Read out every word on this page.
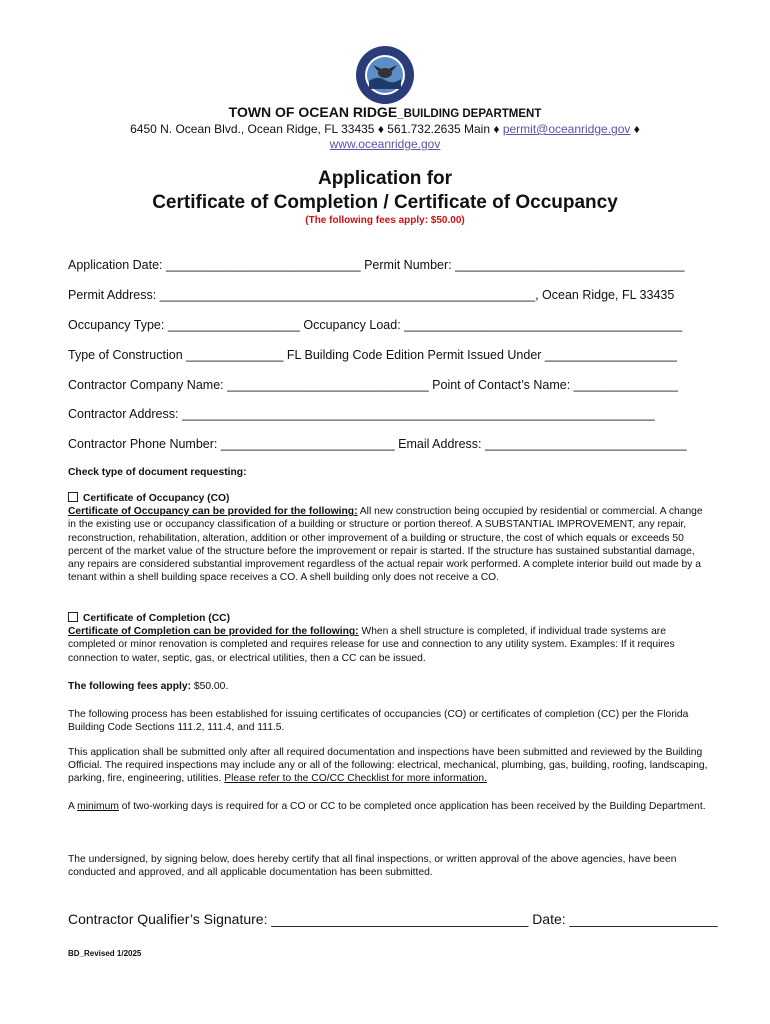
TOWN OF OCEAN RIDGE_BUILDING DEPARTMENT
6450 N. Ocean Blvd., Ocean Ridge, FL 33435 ♦ 561.732.2635 Main ♦ permit@oceanridge.gov ♦
www.oceanridge.gov
Application for
Certificate of Completion / Certificate of Occupancy
(The following fees apply: $50.00)
Application Date: ____________________________ Permit Number: _________________________________
Permit Address: ______________________________________________________, Ocean Ridge, FL 33435
Occupancy Type: ___________________ Occupancy Load: ________________________________________
Type of Construction ______________ FL Building Code Edition Permit Issued Under ___________________
Contractor Company Name: _____________________________ Point of Contact’s Name: _______________
Contractor Address: ____________________________________________________________________
Contractor Phone Number: _________________________ Email Address: _____________________________
Check type of document requesting:
Certificate of Occupancy (CO)
Certificate of Occupancy can be provided for the following: All new construction being occupied by residential or commercial. A change in the existing use or occupancy classification of a building or structure or portion thereof. A SUBSTANTIAL IMPROVEMENT, any repair, reconstruction, rehabilitation, alteration, addition or other improvement of a building or structure, the cost of which equals or exceeds 50 percent of the market value of the structure before the improvement or repair is started. If the structure has sustained substantial damage, any repairs are considered substantial improvement regardless of the actual repair work performed. A complete interior build out made by a tenant within a shell building space receives a CO. A shell building only does not receive a CO.
Certificate of Completion (CC)
Certificate of Completion can be provided for the following: When a shell structure is completed, if individual trade systems are completed or minor renovation is completed and requires release for use and connection to any utility system. Examples: If it requires connection to water, septic, gas, or electrical utilities, then a CC can be issued.
The following fees apply: $50.00.
The following process has been established for issuing certificates of occupancies (CO) or certificates of completion (CC) per the Florida Building Code Sections 111.2, 111.4, and 111.5.
This application shall be submitted only after all required documentation and inspections have been submitted and reviewed by the Building Official. The required inspections may include any or all of the following: electrical, mechanical, plumbing, gas, building, roofing, landscaping, parking, fire, engineering, utilities. Please refer to the CO/CC Checklist for more information.
A minimum of two-working days is required for a CO or CC to be completed once application has been received by the Building Department.
The undersigned, by signing below, does hereby certify that all final inspections, or written approval of the above agencies, have been conducted and approved, and all applicable documentation has been submitted.
Contractor Qualifier’s Signature: _________________________________ Date: ___________________
BD_Revised 1/2025
